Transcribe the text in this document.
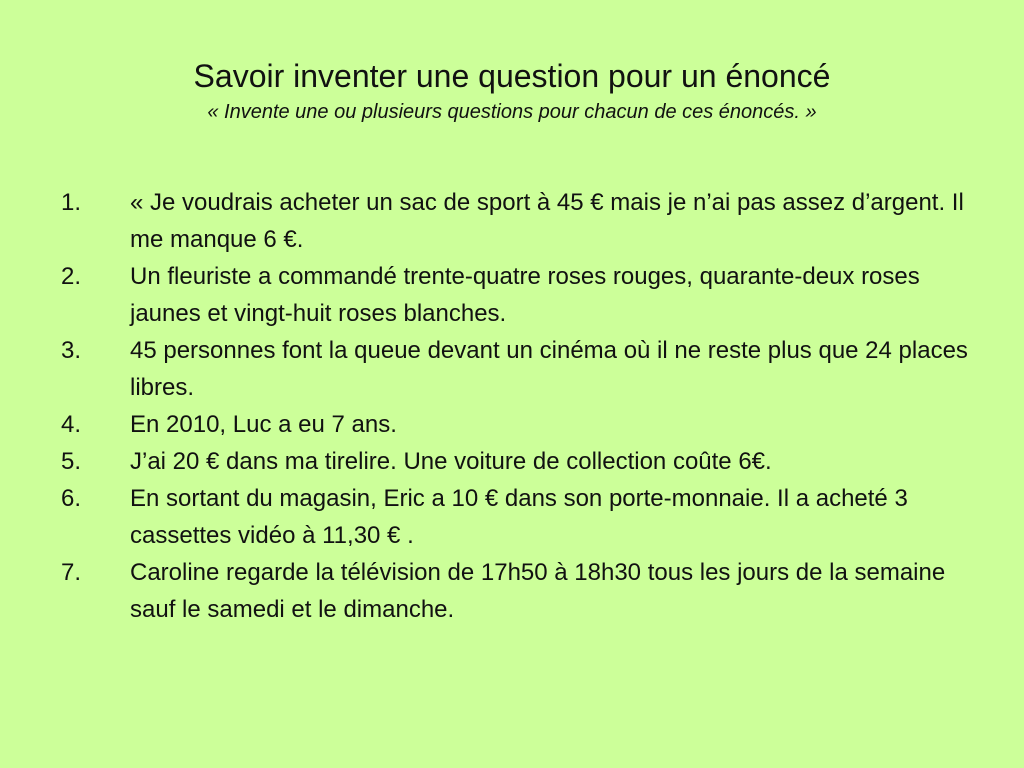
Savoir inventer une question pour un énoncé
« Invente une ou plusieurs questions pour chacun de ces énoncés. »
1. « Je voudrais acheter un sac de sport à 45 € mais je n’ai pas assez d’argent. Il me manque 6 €.
2. Un fleuriste a commandé trente-quatre roses rouges, quarante-deux roses jaunes et vingt-huit roses blanches.
3. 45 personnes font la queue devant un cinéma où il ne reste plus que 24 places libres.
4. En 2010, Luc a eu 7 ans.
5. J’ai 20 € dans ma tirelire. Une voiture de collection coûte 6€.
6. En sortant du magasin, Eric a 10 € dans son porte-monnaie. Il a acheté 3 cassettes vidéo à 11,30 € .
7. Caroline regarde la télévision de 17h50 à 18h30 tous les jours de la semaine sauf le samedi et le dimanche.
